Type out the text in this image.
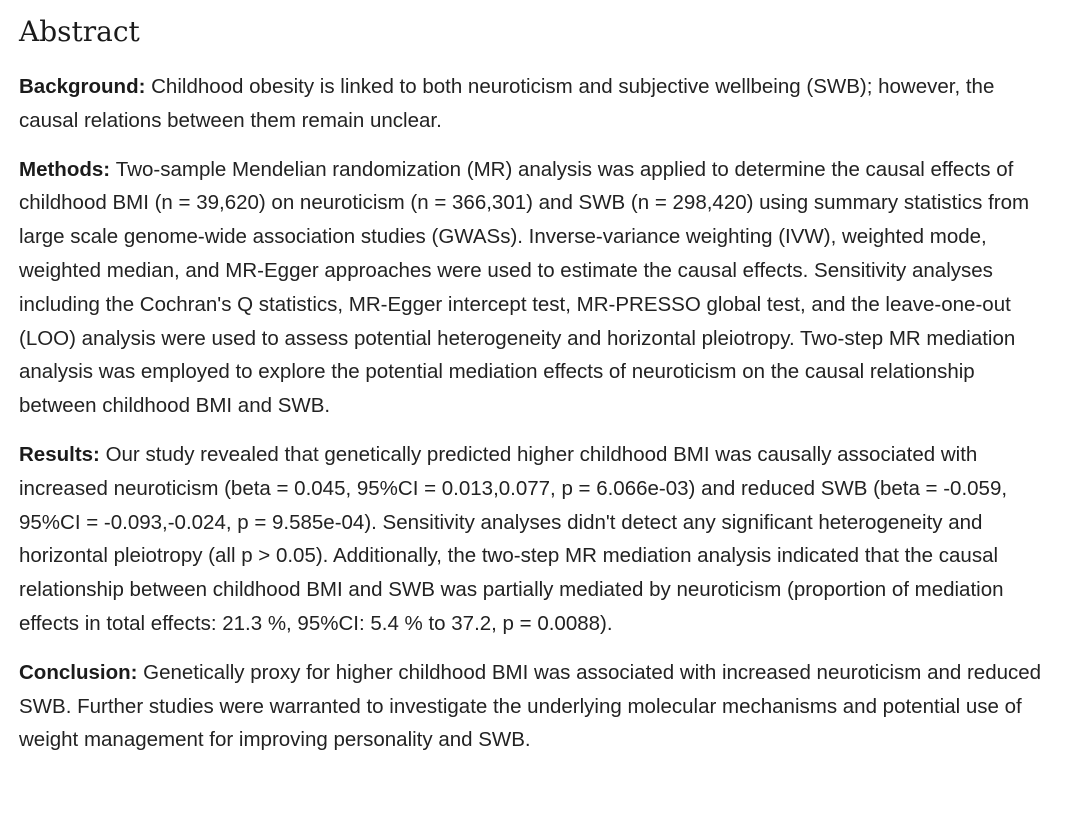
Abstract

Background: Childhood obesity is linked to both neuroticism and subjective wellbeing (SWB); however, the causal relations between them remain unclear.

Methods: Two-sample Mendelian randomization (MR) analysis was applied to determine the causal effects of childhood BMI (n = 39,620) on neuroticism (n = 366,301) and SWB (n = 298,420) using summary statistics from large scale genome-wide association studies (GWASs). Inverse-variance weighting (IVW), weighted mode, weighted median, and MR-Egger approaches were used to estimate the causal effects. Sensitivity analyses including the Cochran's Q statistics, MR-Egger intercept test, MR-PRESSO global test, and the leave-one-out (LOO) analysis were used to assess potential heterogeneity and horizontal pleiotropy. Two-step MR mediation analysis was employed to explore the potential mediation effects of neuroticism on the causal relationship between childhood BMI and SWB.

Results: Our study revealed that genetically predicted higher childhood BMI was causally associated with increased neuroticism (beta = 0.045, 95%CI = 0.013,0.077, p = 6.066e-03) and reduced SWB (beta = -0.059, 95%CI = -0.093,-0.024, p = 9.585e-04). Sensitivity analyses didn't detect any significant heterogeneity and horizontal pleiotropy (all p > 0.05). Additionally, the two-step MR mediation analysis indicated that the causal relationship between childhood BMI and SWB was partially mediated by neuroticism (proportion of mediation effects in total effects: 21.3 %, 95%CI: 5.4 % to 37.2, p = 0.0088).

Conclusion: Genetically proxy for higher childhood BMI was associated with increased neuroticism and reduced SWB. Further studies were warranted to investigate the underlying molecular mechanisms and potential use of weight management for improving personality and SWB.
